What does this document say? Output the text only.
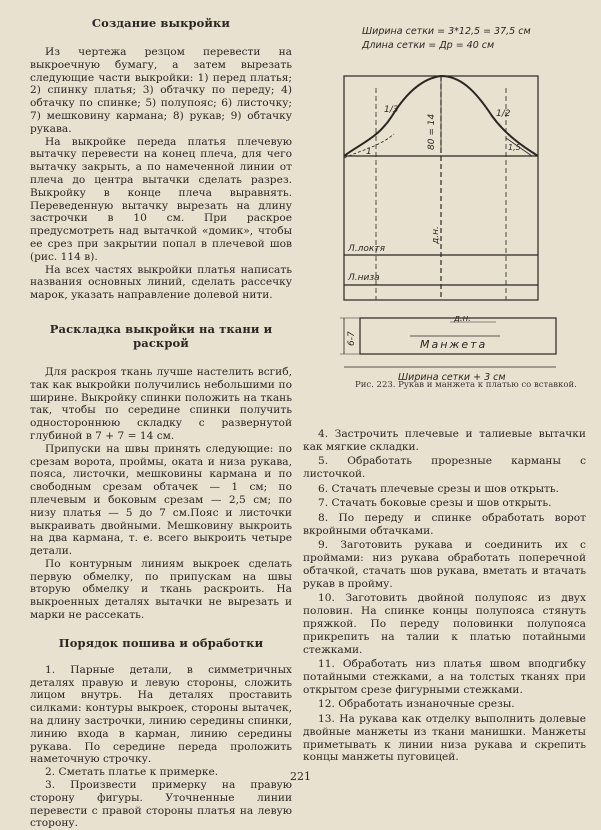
Создание выкройки

Из чертежа резцом перевести на выкроечную бумагу, а затем вырезать следующие части выкройки: 1) перед платья; 2) спинку платья; 3) обтачку по переду; 4) обтачку по спинке; 5) полупояс; 6) листочку; 7) мешковину кармана; 8) рукав; 9) обтачку рукава.

На выкройке переда платья плечевую вытачку перевести на конец плеча, для чего вытачку закрыть, а по намеченной линии от плеча до центра вытачки сделать разрез. Выкройку в конце плеча выравнять. Переведенную вытачку вырезать на длину застрочки в 10 см. При раскрое предусмотреть над вытачкой «домик», чтобы ее срез при закрытии попал в плечевой шов (рис. 114 в).

На всех частях выкройки платья написать названия основных линий, сделать рассечку марок, указать направление долевой нити.

Раскладка выкройки на ткани и раскрой

Для раскроя ткань лучше настелить всгиб, так как выкройки получились небольшими по ширине. Выкройку спинки положить на ткань так, чтобы по середине спинки получить одностороннюю складку с развернутой глубиной в 7 + 7 = 14 см.

Припуски на швы принять следующие: по срезам ворота, проймы, оката и низа рукава, пояса, листочки, мешковины кармана и по свободным срезам обтачек — 1 см; по плечевым и боковым срезам — 2,5 см; по низу платья — 5 до 7 см.Пояс и листочки выкраивать двойными. Мешковину выкроить на два кармана, т. е. всего выкроить четыре детали.

По контурным линиям выкроек сделать первую обмелку, по припускам на швы вторую обмелку и ткань раскроить. На выкроенных деталях вытачки не вырезать и марки не рассекать.

Порядок пошива и обработки

1. Парные детали, в симметричных деталях правую и левую стороны, сложить лицом внутрь. На деталях проставить силками: контуры выкроек, стороны вытачек, на длину застрочки, линию середины спинки, линию входа в карман, линию середины рукава. По середине переда проложить наметочную строчку.

2. Сметать платье к примерке.

3. Произвести примерку на правую сторону фигуры. Уточненные линии перевести с правой стороны платья на левую сторону.

Ширина сетки = 3*12,5 = 37,5 см
Длина сетки = Др = 40 см
1/3	1/2
80 = 14
1	1,5
д.н.
Л.локтя
Л.низа
6-7
д.н.
Манжета
Ширина сетки + 3 см
Рис. 223. Рукав и манжета к платью со вставкой.

4. Застрочить плечевые и талиевые вытачки как мягкие складки.

5. Обработать прорезные карманы с листочкой.

6. Стачать плечевые срезы и шов открыть.

7. Стачать боковые срезы и шов открыть.

8. По переду и спинке обработать ворот вкройными обтачками.

9. Заготовить рукава и соединить их с проймами: низ рукава обработать поперечной обтачкой, стачать шов рукава, вметать и втачать рукав в пройму.

10. Заготовить двойной полупояс из двух половин. На спинке концы полупояса стянуть пряжкой. По переду половинки полупояса прикрепить на талии к платью потайными стежками.

11. Обработать низ платья швом вподгибку потайными стежками, а на толстых тканях при открытом срезе фигурными стежками.

12. Обработать изнаночные срезы.

13. На рукава как отделку выполнить долевые двойные манжеты из ткани манишки. Манжеты приметывать к линии низа рукава и скрепить концы манжеты пуговицей.

221
